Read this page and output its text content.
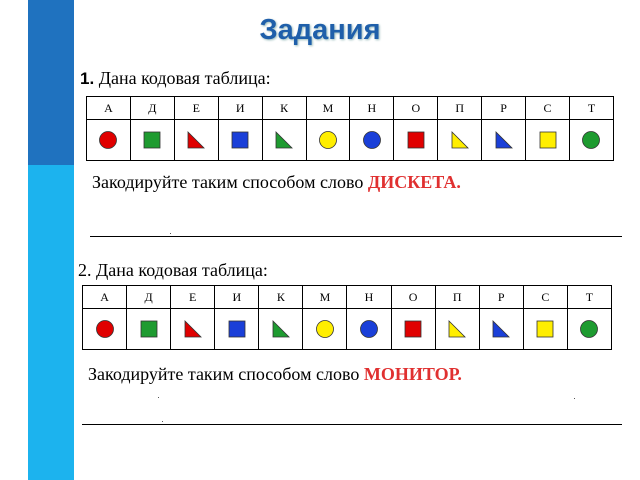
Задания
1. Дана кодовая таблица:
А	Д	Е	И	К	М	Н	О	П	Р	С	Т

Закодируйте таким способом слово ДИСКЕТА.
2. Дана кодовая таблица:
А	Д	Е	И	К	М	Н	О	П	Р	С	Т

Закодируйте таким способом слово МОНИТОР.
